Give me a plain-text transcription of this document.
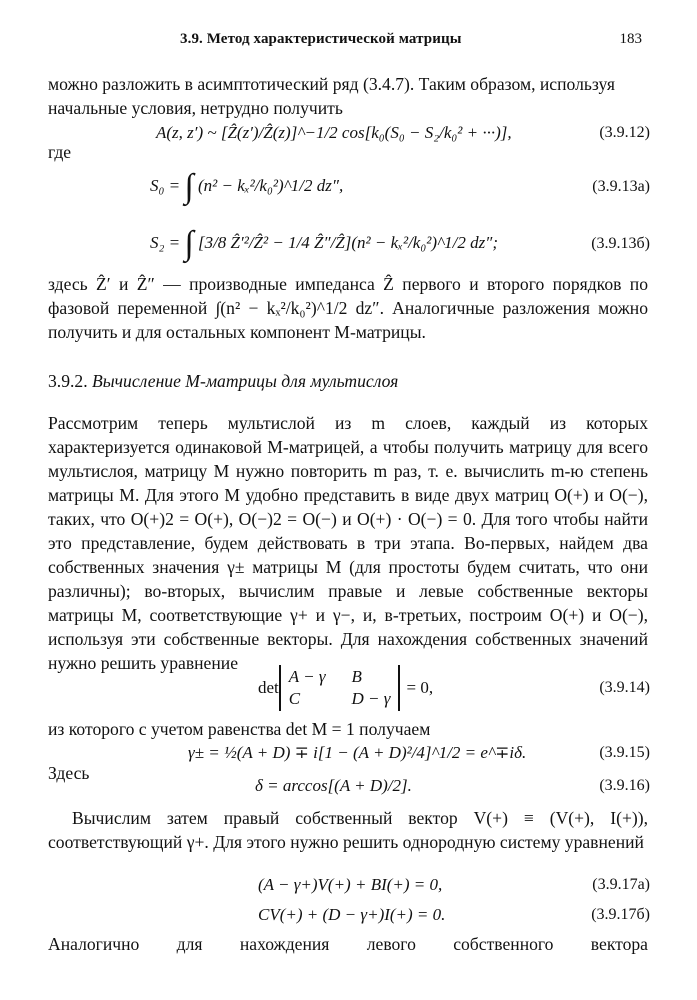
3.9. Метод характеристической матрицы	183

можно разложить в асимптотический ряд (3.4.7). Таким образом, используя начальные условия, нетрудно получить

A(z, z′) ~ [Ẑ(z′)/Ẑ(z)]^−1/2 cos[k₀(S₀ − S₂/k₀² + ···)],	(3.9.12)
где
S₀ = ∫ (n² − kₓ²/k₀²)^1/2 dz″,	(3.9.13а)
S₂ = ∫ [3/8 Ẑ′²/Ẑ² − 1/4 Ẑ″/Ẑ](n² − kₓ²/k₀²)^1/2 dz″;	(3.9.13б)

здесь Ẑ′ и Ẑ″ — производные импеданса Ẑ первого и второго порядков по фазовой переменной ∫(n² − kₓ²/k₀²)^1/2 dz″. Аналогичные разложения можно получить и для остальных компонент M-матрицы.

3.9.2. Вычисление M-матрицы для мультислоя

Рассмотрим теперь мультислой из m слоев, каждый из которых характеризуется одинаковой M-матрицей, а чтобы получить матрицу для всего мультислоя, матрицу M нужно повторить m раз, т. е. вычислить m-ю степень матрицы M. Для этого M удобно представить в виде двух матриц O(+) и O(−), таких, что O(+)2 = O(+), O(−)2 = O(−) и O(+) · O(−) = 0. Для того чтобы найти это представление, будем действовать в три этапа. Во-первых, найдем два собственных значения γ± матрицы M (для простоты будем считать, что они различны); во-вторых, вычислим правые и левые собственные векторы матрицы M, соответствующие γ+ и γ−, и, в-третьих, построим O(+) и O(−), используя эти собственные векторы. Для нахождения собственных значений нужно решить уравнение

det
A − γ B
C	D − γ
= 0,	(3.9.14)

из которого с учетом равенства det M = 1 получаем

γ± = ½(A + D) ∓ i[1 − (A + D)²/4]^1/2 = e^∓iδ.	(3.9.15)
Здесь
δ = arccos[(A + D)/2].	(3.9.16)

Вычислим затем правый собственный вектор V(+) ≡ (V(+), I(+)), соответствующий γ+. Для этого нужно решить однородную систему уравнений

(A − γ+)V(+) + BI(+) = 0,	(3.9.17а)
CV(+) + (D − γ+)I(+) = 0.	(3.9.17б)

Аналогично для нахождения левого собственного вектора
